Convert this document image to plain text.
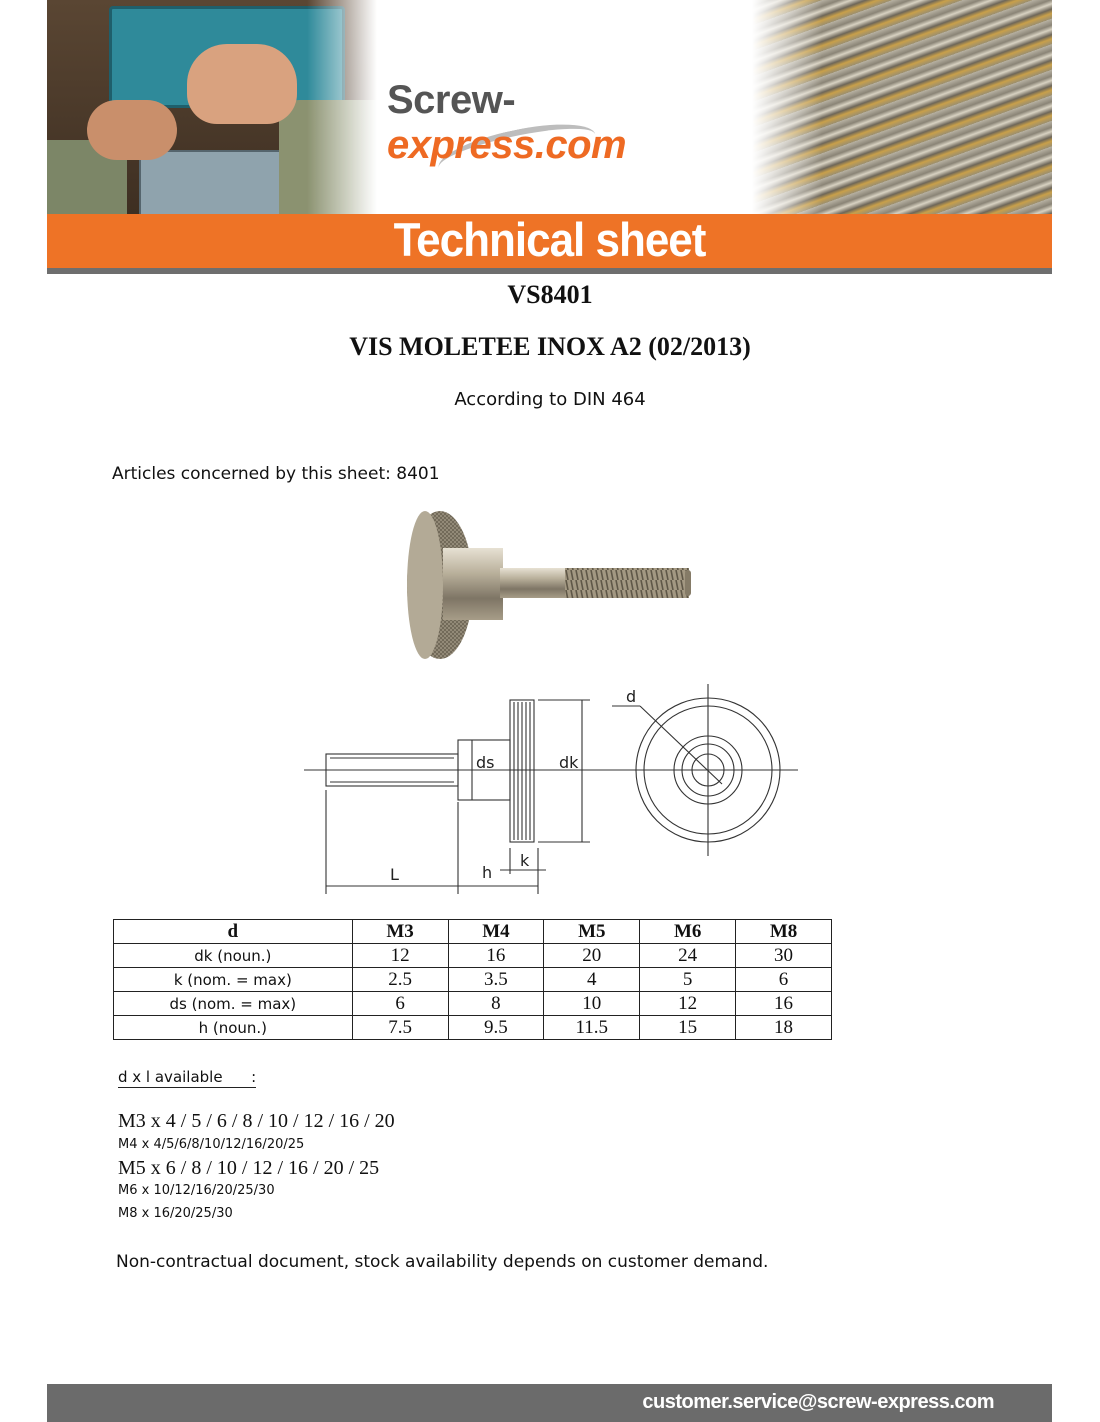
Screw-express.com
Technical sheet
VS8401
VIS MOLETEE INOX A2 (02/2013)
According to DIN 464
Articles concerned by this sheet: 8401
d
ds	dk
L	h
k
d	M3	M4	M5	M6	M8
dk (noun.)	12	16	20	24	30
k (nom. = max)	2.5	3.5	4	5	6
ds (nom. = max)	6	8	10	12	16
h (noun.)	7.5	9.5	11.5	15	18
d x l available      :
M3 x 4 / 5 / 6 / 8 / 10 / 12 / 16 / 20
M4 x 4/5/6/8/10/12/16/20/25
M5 x 6 / 8 / 10 / 12 / 16 / 20 / 25
M6 x 10/12/16/20/25/30
M8 x 16/20/25/30
Non-contractual document, stock availability depends on customer demand.
customer.service@screw-express.com
